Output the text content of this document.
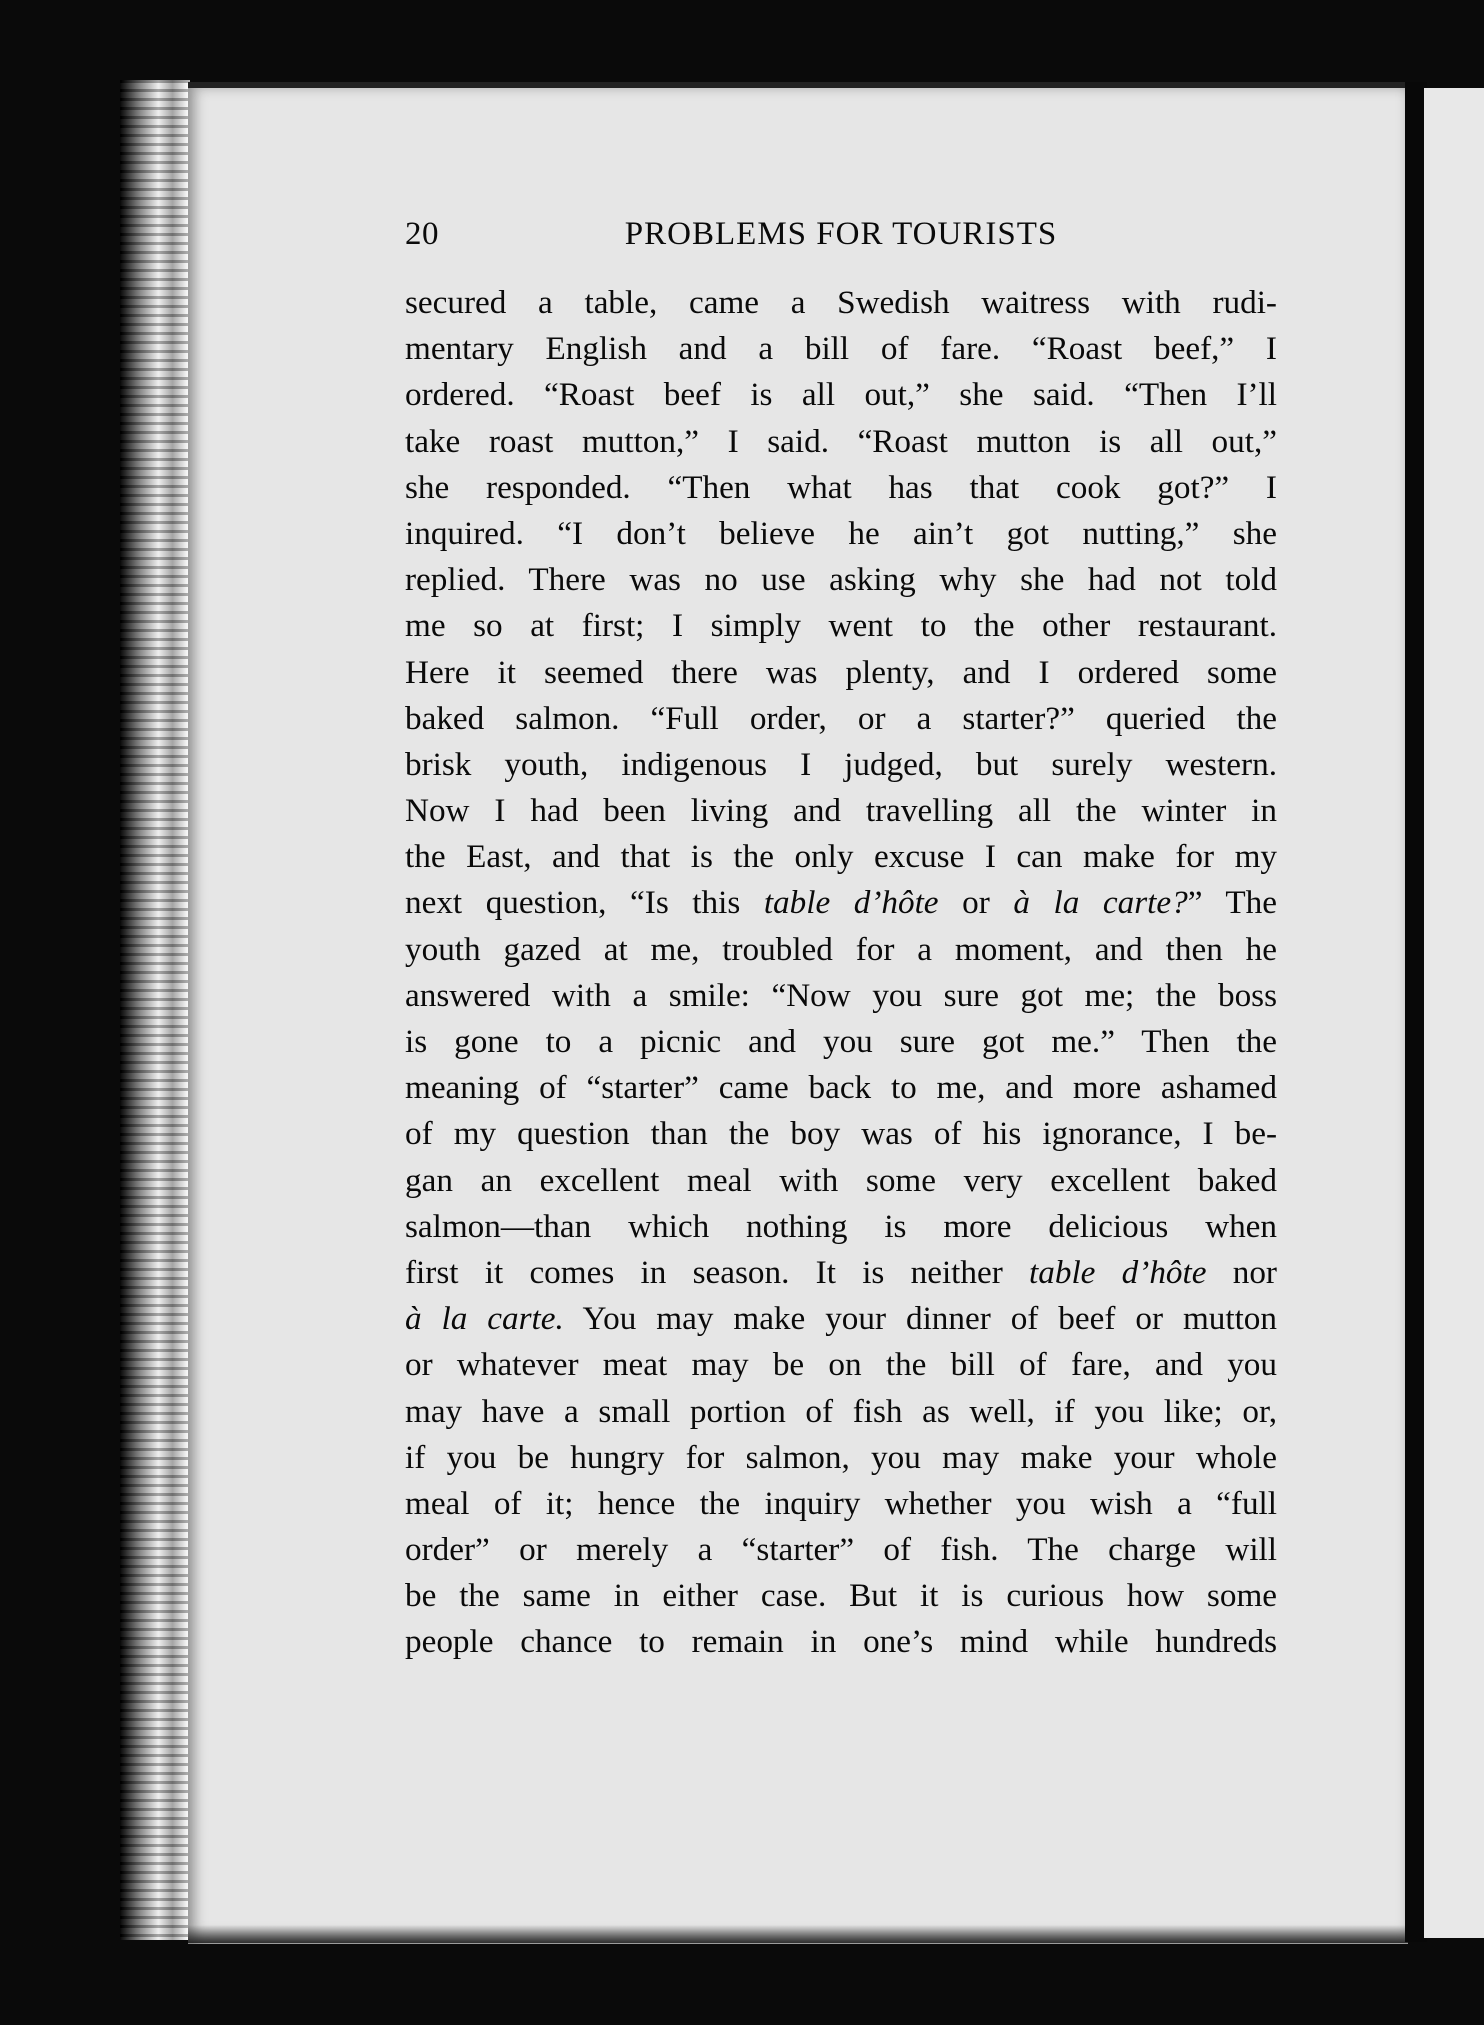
20	PROBLEMS FOR TOURISTS
secured a table, came a Swedish waitress with rudi-
mentary English and a bill of fare. “Roast beef,” I
ordered. “Roast beef is all out,” she said. “Then I’ll
take roast mutton,” I said. “Roast mutton is all out,”
she responded. “Then what has that cook got?” I
inquired. “I don’t believe he ain’t got nutting,” she
replied. There was no use asking why she had not told
me so at first; I simply went to the other restaurant.
Here it seemed there was plenty, and I ordered some
baked salmon. “Full order, or a starter?” queried the
brisk youth, indigenous I judged, but surely western.
Now I had been living and travelling all the winter in
the East, and that is the only excuse I can make for my
next question, “Is this table d’hôte or à la carte?” The
youth gazed at me, troubled for a moment, and then he
answered with a smile: “Now you sure got me; the boss
is gone to a picnic and you sure got me.” Then the
meaning of “starter” came back to me, and more ashamed
of my question than the boy was of his ignorance, I be-
gan an excellent meal with some very excellent baked
salmon—than which nothing is more delicious when
first it comes in season. It is neither table d’hôte nor
à la carte. You may make your dinner of beef or mutton
or whatever meat may be on the bill of fare, and you
may have a small portion of fish as well, if you like; or,
if you be hungry for salmon, you may make your whole
meal of it; hence the inquiry whether you wish a “full
order” or merely a “starter” of fish. The charge will
be the same in either case. But it is curious how some
people chance to remain in one’s mind while hundreds
